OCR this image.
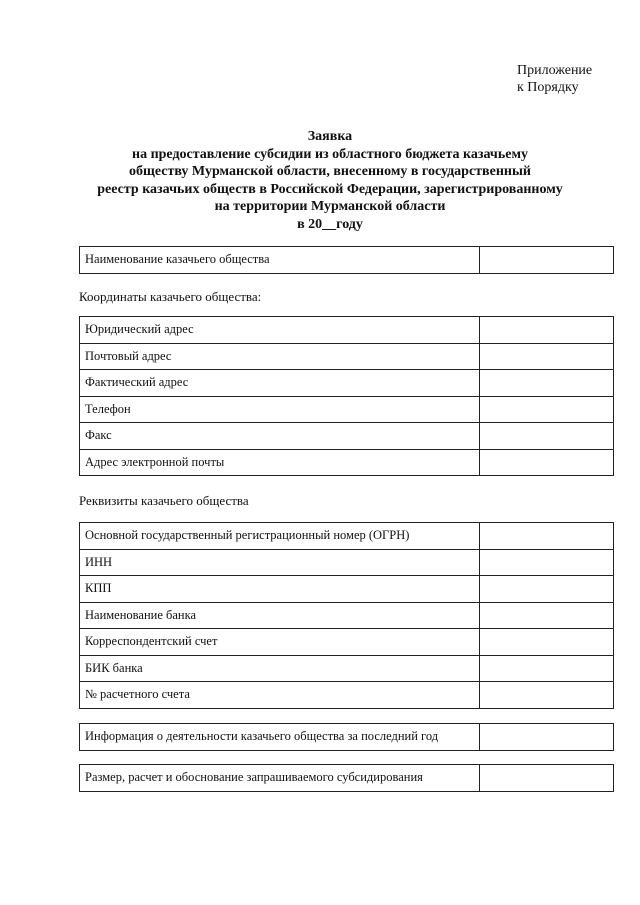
Приложение
к Порядку
Заявка
на предоставление субсидии из областного бюджета казачьему
обществу Мурманской области, внесенному в государственный
реестр казачьих обществ в Российской Федерации, зарегистрированному
на территории Мурманской области
в 20__году
Наименование казачьего общества	
Координаты казачьего общества:
Юридический адрес	
Почтовый адрес	
Фактический адрес	
Телефон	
Факс	
Адрес электронной почты	
Реквизиты казачьего общества
Основной государственный регистрационный номер (ОГРН)	
ИНН	
КПП	
Наименование банка	
Корреспондентский счет	
БИК банка	
№ расчетного счета	
Информация о деятельности казачьего общества за последний год	
Размер, расчет и обоснование запрашиваемого субсидирования	
